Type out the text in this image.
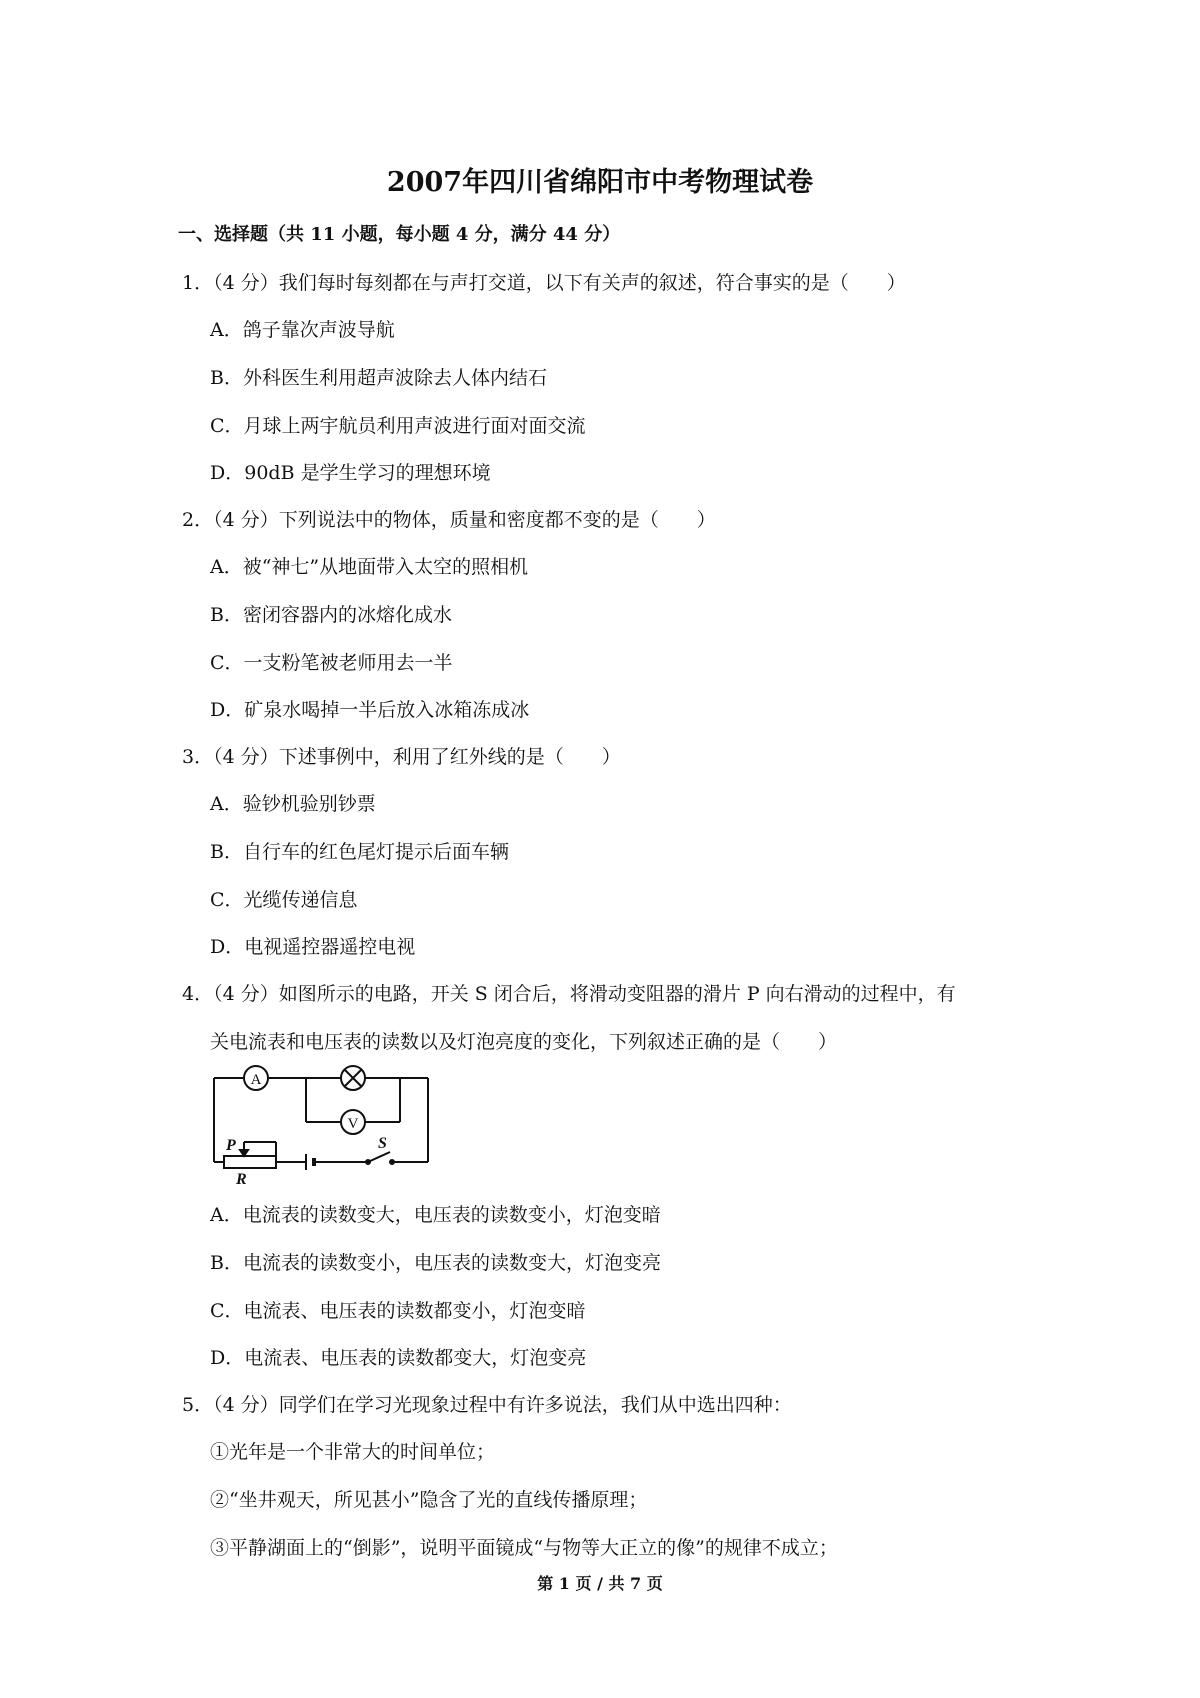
2007年四川省绵阳市中考物理试卷
一、选择题（共 11 小题，每小题 4 分，满分 44 分）
1．（4 分）我们每时每刻都在与声打交道，以下有关声的叙述，符合事实的是（　　）
A．鸽子靠次声波导航
B．外科医生利用超声波除去人体内结石
C．月球上两宇航员利用声波进行面对面交流
D．90dB 是学生学习的理想环境
2．（4 分）下列说法中的物体，质量和密度都不变的是（　　）
A．被“神七”从地面带入太空的照相机
B．密闭容器内的冰熔化成水
C．一支粉笔被老师用去一半
D．矿泉水喝掉一半后放入冰箱冻成冰
3．（4 分）下述事例中，利用了红外线的是（　　）
A．验钞机验别钞票
B．自行车的红色尾灯提示后面车辆
C．光缆传递信息
D．电视遥控器遥控电视
4．（4 分）如图所示的电路，开关 S 闭合后，将滑动变阻器的滑片 P 向右滑动的过程中，有
关电流表和电压表的读数以及灯泡亮度的变化，下列叙述正确的是（　　）
A
V
P
R
S
A．电流表的读数变大，电压表的读数变小，灯泡变暗
B．电流表的读数变小，电压表的读数变大，灯泡变亮
C．电流表、电压表的读数都变小，灯泡变暗
D．电流表、电压表的读数都变大，灯泡变亮
5．（4 分）同学们在学习光现象过程中有许多说法，我们从中选出四种：
①光年是一个非常大的时间单位；
②“坐井观天，所见甚小”隐含了光的直线传播原理；
③平静湖面上的“倒影”，说明平面镜成“与物等大正立的像”的规律不成立；
第 1 页 / 共 7 页
